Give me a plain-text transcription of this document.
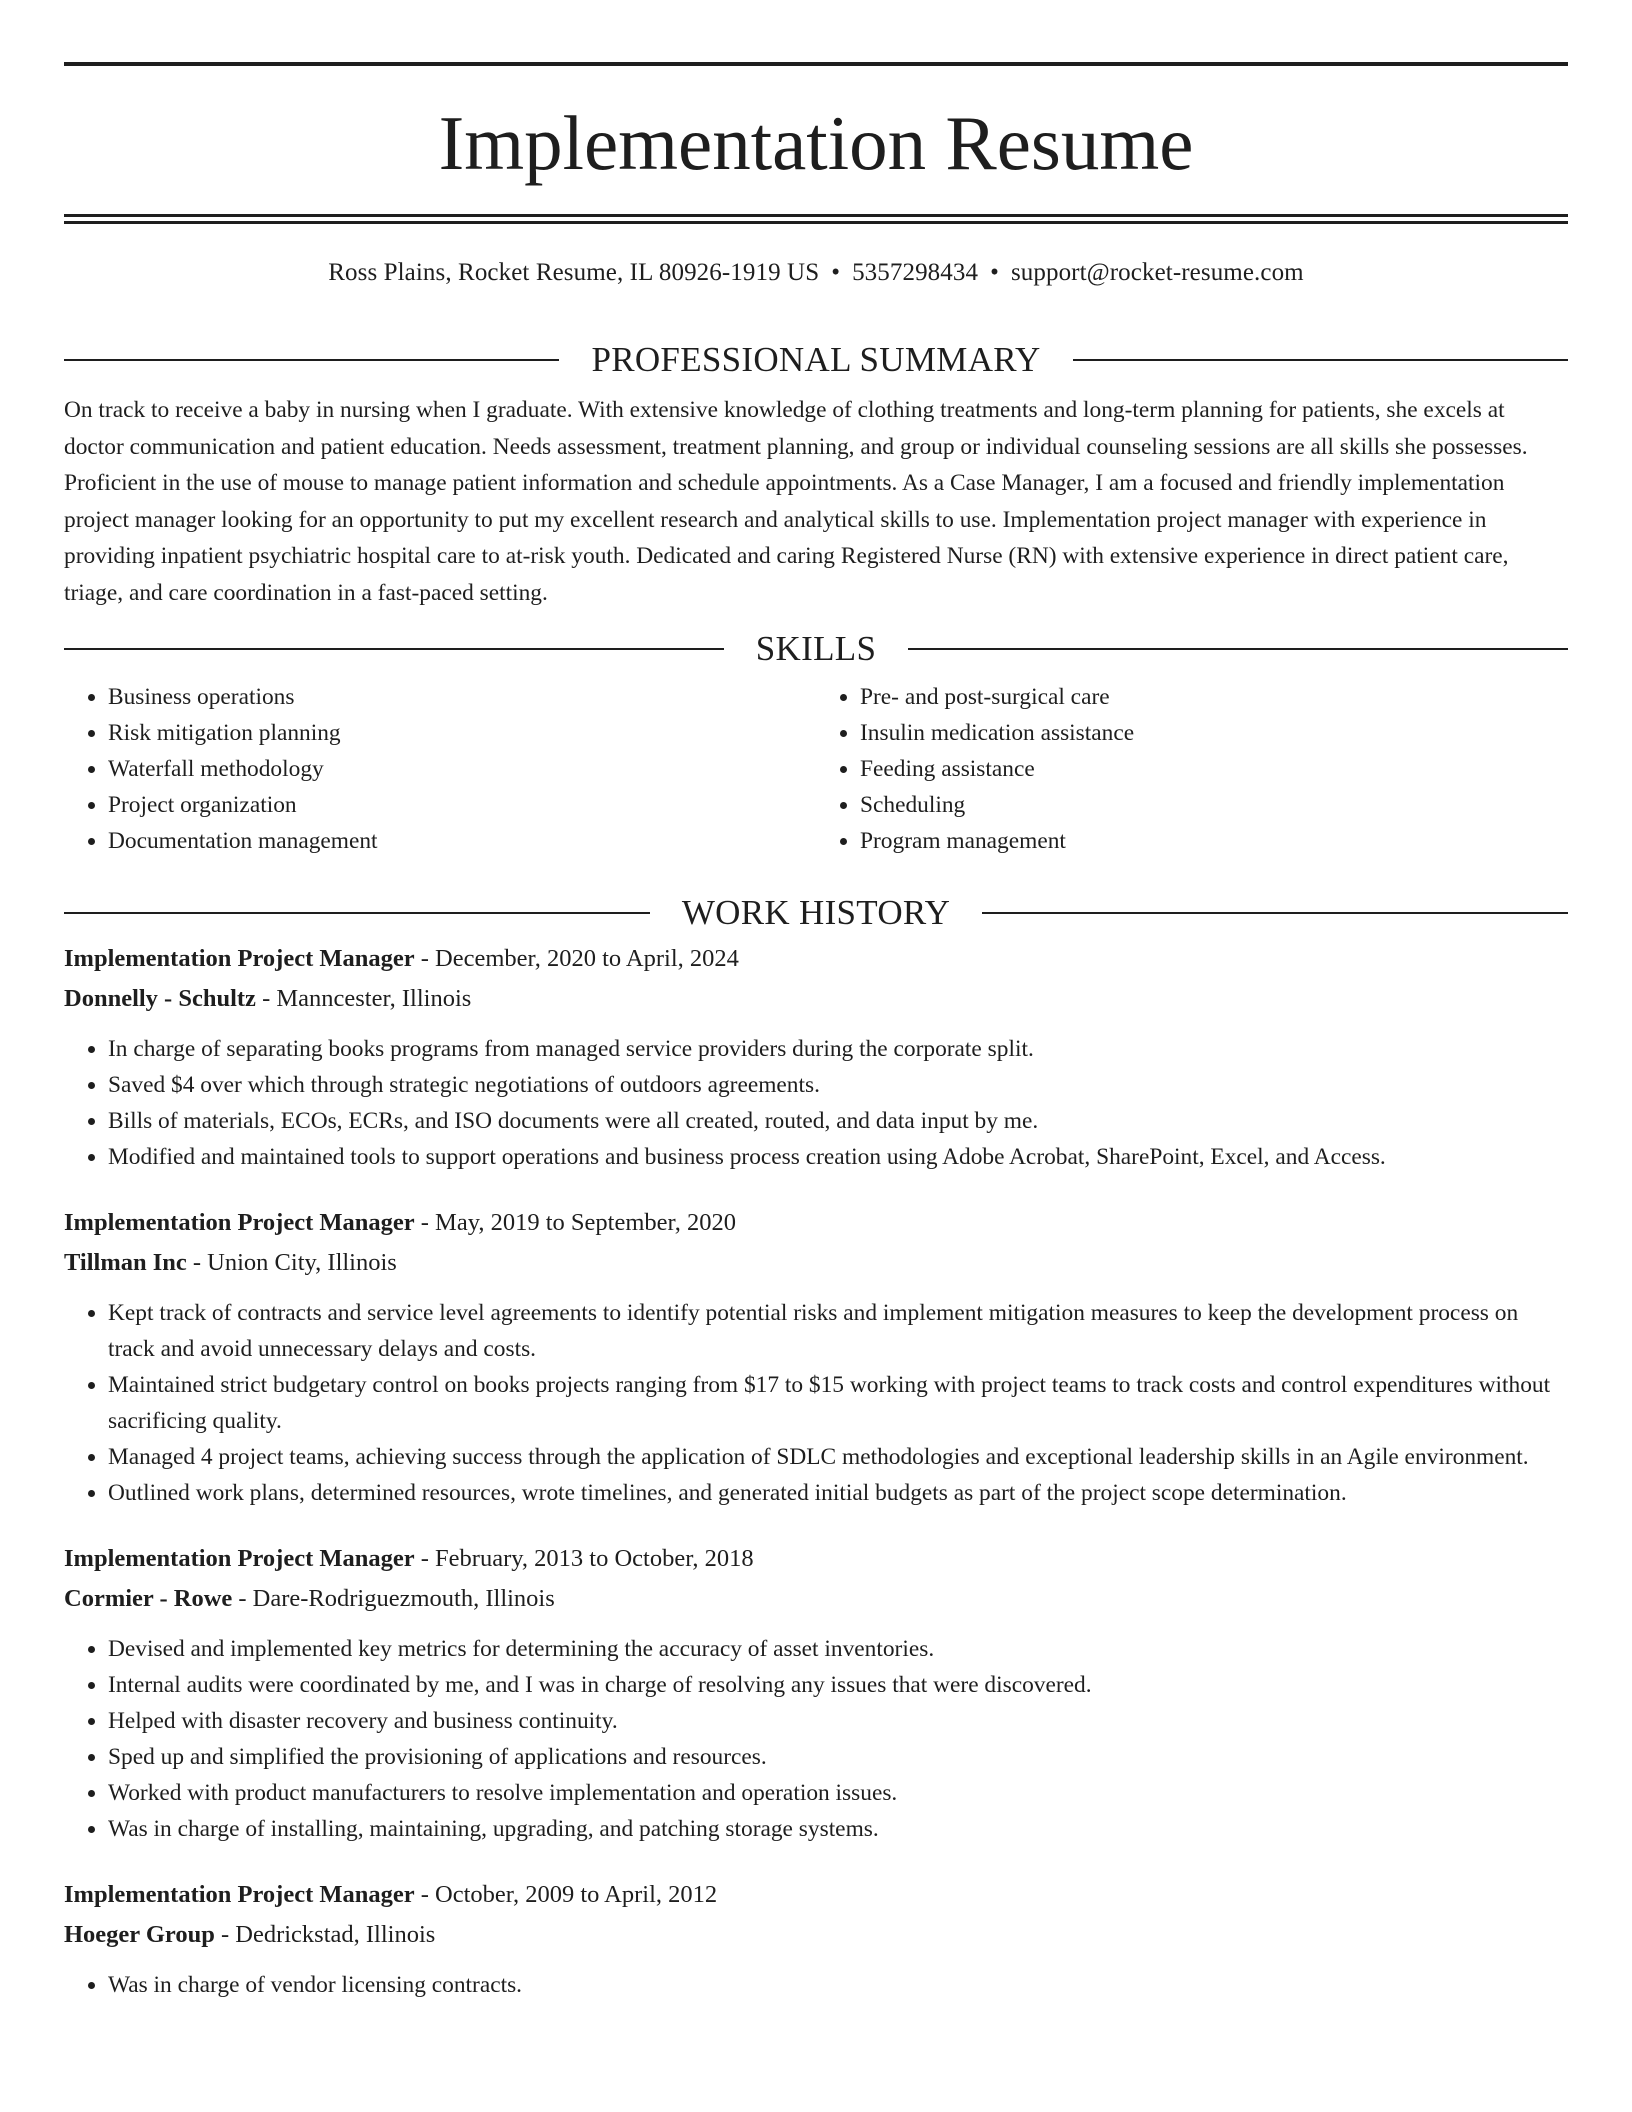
Implementation Resume
Ross Plains, Rocket Resume, IL 80926-1919 US • 5357298434 • support@rocket-resume.com
PROFESSIONAL SUMMARY

On track to receive a baby in nursing when I graduate. With extensive knowledge of clothing treatments and long-term planning for patients, she excels at doctor communication and patient education. Needs assessment, treatment planning, and group or individual counseling sessions are all skills she possesses. Proficient in the use of mouse to manage patient information and schedule appointments. As a Case Manager, I am a focused and friendly implementation project manager looking for an opportunity to put my excellent research and analytical skills to use. Implementation project manager with experience in providing inpatient psychiatric hospital care to at-risk youth. Dedicated and caring Registered Nurse (RN) with extensive experience in direct patient care, triage, and care coordination in a fast-paced setting.

SKILLS
• Business operations
• Risk mitigation planning
• Waterfall methodology
• Project organization
• Documentation management
• Pre- and post-surgical care
• Insulin medication assistance
• Feeding assistance
• Scheduling
• Program management
WORK HISTORY
Implementation Project Manager - December, 2020 to April, 2024
Donnelly - Schultz - Manncester, Illinois
• In charge of separating books programs from managed service providers during the corporate split.
• Saved $4 over which through strategic negotiations of outdoors agreements.
• Bills of materials, ECOs, ECRs, and ISO documents were all created, routed, and data input by me.
• Modified and maintained tools to support operations and business process creation using Adobe Acrobat, SharePoint, Excel, and Access.
Implementation Project Manager - May, 2019 to September, 2020
Tillman Inc - Union City, Illinois
• Kept track of contracts and service level agreements to identify potential risks and implement mitigation measures to keep the development process on track and avoid unnecessary delays and costs.
• Maintained strict budgetary control on books projects ranging from $17 to $15 working with project teams to track costs and control expenditures without sacrificing quality.
• Managed 4 project teams, achieving success through the application of SDLC methodologies and exceptional leadership skills in an Agile environment.
• Outlined work plans, determined resources, wrote timelines, and generated initial budgets as part of the project scope determination.
Implementation Project Manager - February, 2013 to October, 2018
Cormier - Rowe - Dare-Rodriguezmouth, Illinois
• Devised and implemented key metrics for determining the accuracy of asset inventories.
• Internal audits were coordinated by me, and I was in charge of resolving any issues that were discovered.
• Helped with disaster recovery and business continuity.
• Sped up and simplified the provisioning of applications and resources.
• Worked with product manufacturers to resolve implementation and operation issues.
• Was in charge of installing, maintaining, upgrading, and patching storage systems.
Implementation Project Manager - October, 2009 to April, 2012
Hoeger Group - Dedrickstad, Illinois
• Was in charge of vendor licensing contracts.
